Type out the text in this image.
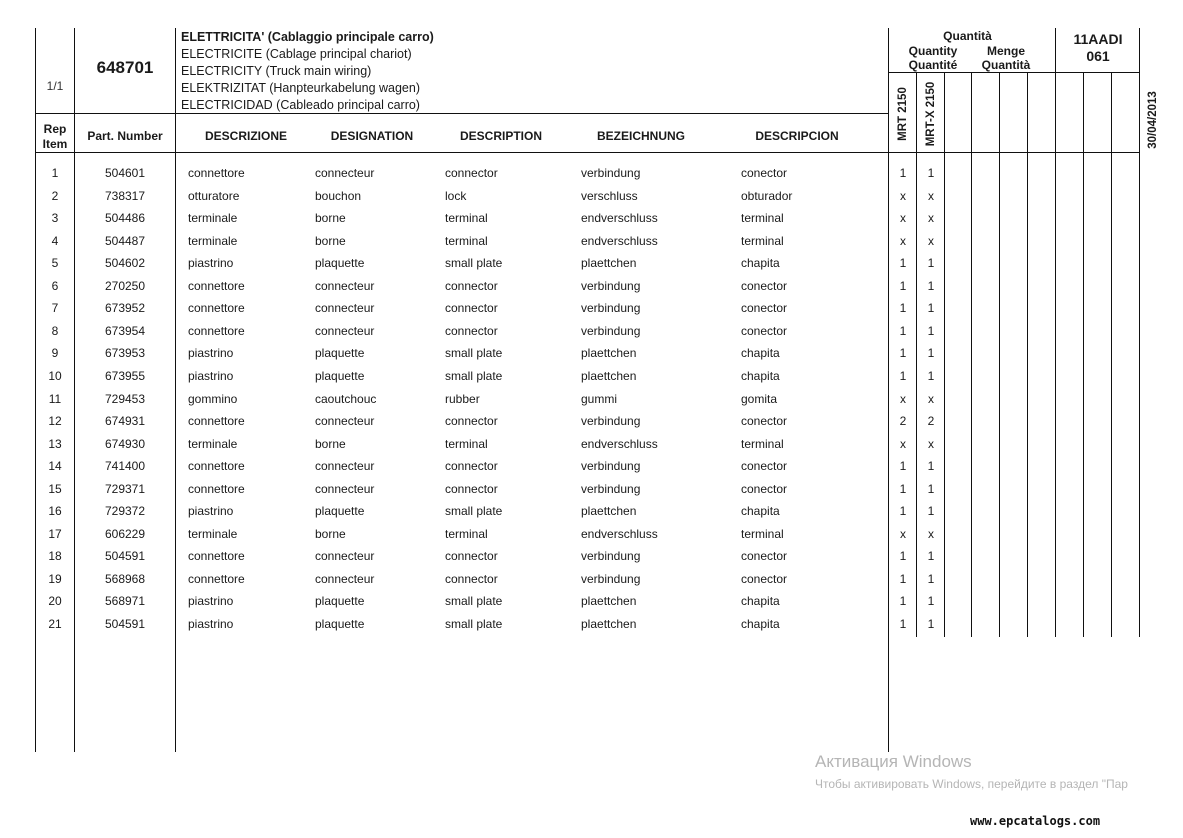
1/1
648701
ELETTRICITA' (Cablaggio principale carro)
ELECTRICITE (Cablage principal chariot)
ELECTRICITY (Truck main wiring)
ELEKTRIZITAT (Hanpteurkabelung wagen)
ELECTRICIDAD (Cableado principal carro)
Quantità
Quantity
Quantité
Menge
Quantità
11AADI
061
MRT 2150 MRT-X 2150	30/04/2013
Rep
Item
Part. Number	DESCRIZIONE	DESIGNATION	DESCRIPTION	BEZEICHNUNG	DESCRIPCION
1	504601	connettore	connecteur	connector	verbindung	conector	1	1
2	738317	otturatore	bouchon	lock	verschluss	obturador	x	x
3	504486	terminale	borne	terminal	endverschluss	terminal	x	x
4	504487	terminale	borne	terminal	endverschluss	terminal	x	x
5	504602	piastrino	plaquette	small plate	plaettchen	chapita	1	1
6	270250	connettore	connecteur	connector	verbindung	conector	1	1
7	673952	connettore	connecteur	connector	verbindung	conector	1	1
8	673954	connettore	connecteur	connector	verbindung	conector	1	1
9	673953	piastrino	plaquette	small plate	plaettchen	chapita	1	1
10	673955	piastrino	plaquette	small plate	plaettchen	chapita	1	1
11	729453	gommino	caoutchouc	rubber	gummi	gomita	x	x
12	674931	connettore	connecteur	connector	verbindung	conector	2	2
13	674930	terminale	borne	terminal	endverschluss	terminal	x	x
14	741400	connettore	connecteur	connector	verbindung	conector	1	1
15	729371	connettore	connecteur	connector	verbindung	conector	1	1
16	729372	piastrino	plaquette	small plate	plaettchen	chapita	1	1
17	606229	terminale	borne	terminal	endverschluss	terminal	x	x
18	504591	connettore	connecteur	connector	verbindung	conector	1	1
19	568968	connettore	connecteur	connector	verbindung	conector	1	1
20	568971	piastrino	plaquette	small plate	plaettchen	chapita	1	1
21	504591	piastrino	plaquette	small plate	plaettchen	chapita	1	1
Активация Windows
Чтобы активировать Windows, перейдите в раздел "Пар
www.epcatalogs.com
